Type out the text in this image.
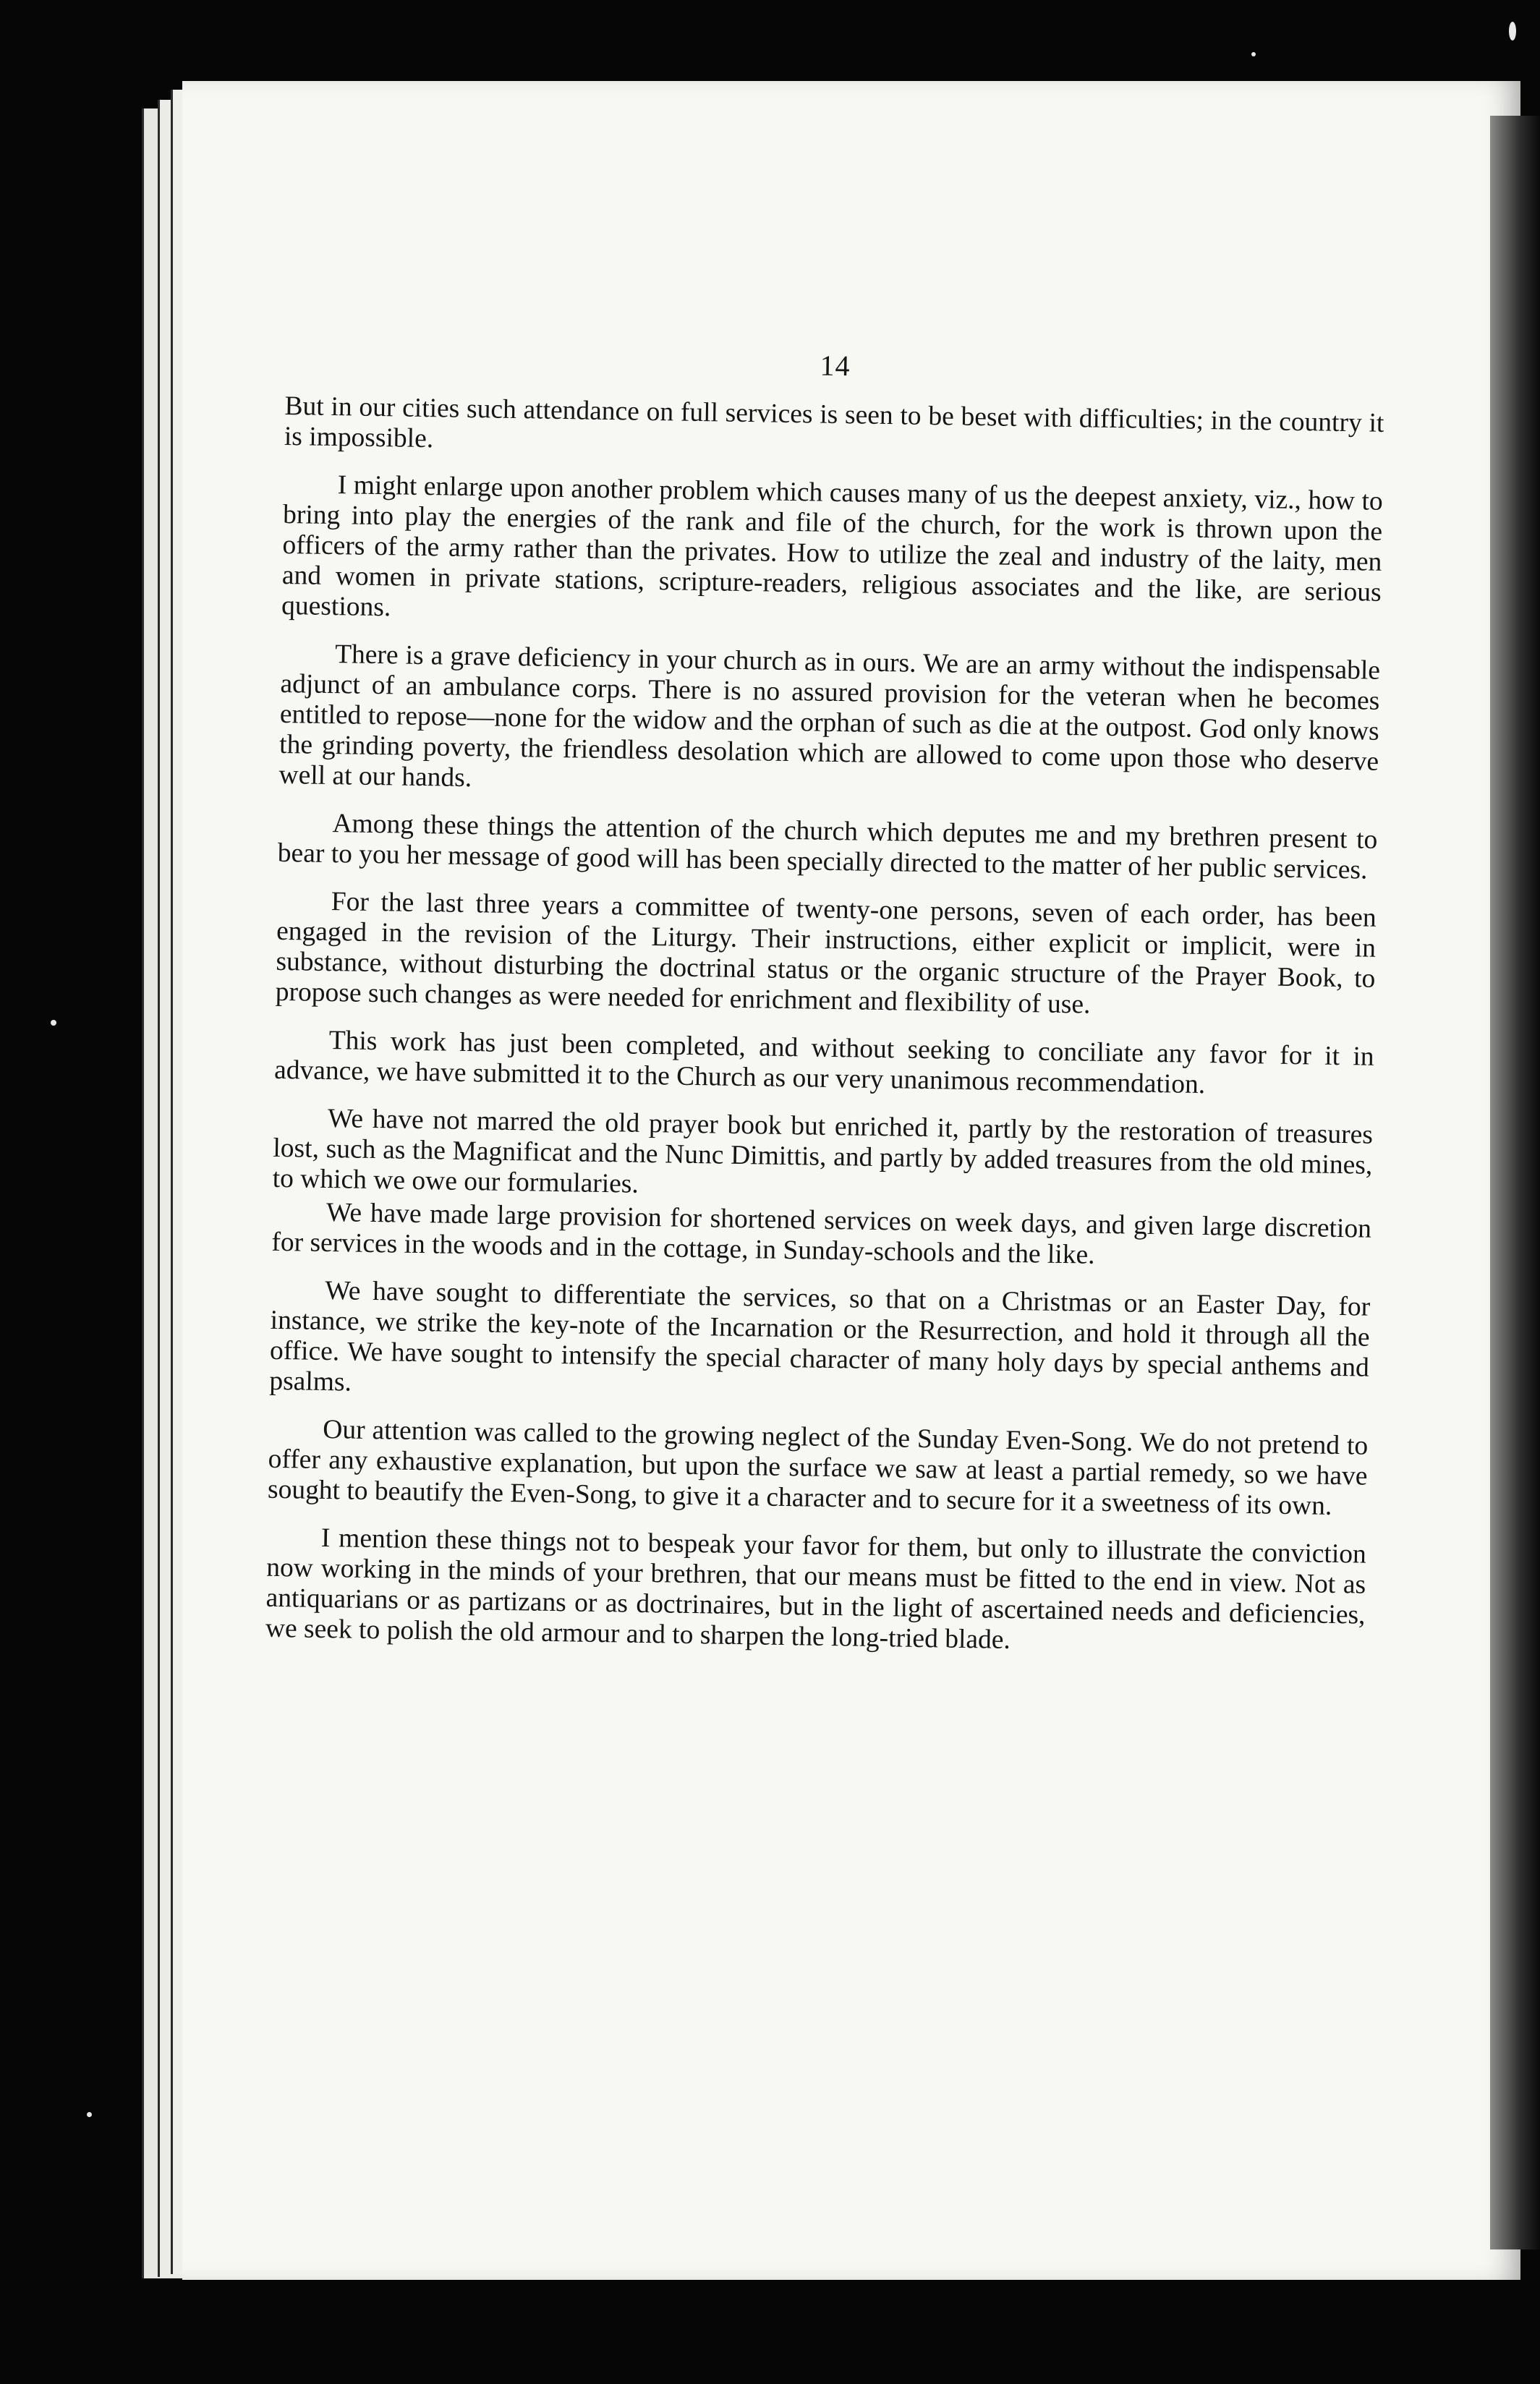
14

But in our cities such attendance on full services is seen to be beset with difficulties; in the country it is impossible.

I might enlarge upon another problem which causes many of us the deepest anxiety, viz., how to bring into play the energies of the rank and file of the church, for the work is thrown upon the officers of the army rather than the privates. How to utilize the zeal and industry of the laity, men and women in private stations, scripture-readers, religious associates and the like, are serious questions.

There is a grave deficiency in your church as in ours. We are an army without the indispensable adjunct of an ambulance corps. There is no assured provision for the veteran when he becomes entitled to repose—none for the widow and the orphan of such as die at the outpost. God only knows the grinding poverty, the friendless desolation which are allowed to come upon those who deserve well at our hands.

Among these things the attention of the church which deputes me and my brethren present to bear to you her message of good will has been specially directed to the matter of her public services.

For the last three years a committee of twenty-one persons, seven of each order, has been engaged in the revision of the Liturgy. Their instructions, either explicit or implicit, were in substance, without disturbing the doctrinal status or the organic structure of the Prayer Book, to propose such changes as were needed for enrichment and flexibility of use.

This work has just been completed, and without seeking to conciliate any favor for it in advance, we have submitted it to the Church as our very unanimous recommendation.

We have not marred the old prayer book but enriched it, partly by the restoration of treasures lost, such as the Magnificat and the Nunc Dimittis, and partly by added treasures from the old mines, to which we owe our formularies.

We have made large provision for shortened services on week days, and given large discretion for services in the woods and in the cottage, in Sunday-schools and the like.

We have sought to differentiate the services, so that on a Christmas or an Easter Day, for instance, we strike the key-note of the Incarnation or the Resurrection, and hold it through all the office. We have sought to intensify the special character of many holy days by special anthems and psalms.

Our attention was called to the growing neglect of the Sunday Even-Song. We do not pretend to offer any exhaustive explanation, but upon the surface we saw at least a partial remedy, so we have sought to beautify the Even-Song, to give it a character and to secure for it a sweetness of its own.

I mention these things not to bespeak your favor for them, but only to illustrate the conviction now working in the minds of your brethren, that our means must be fitted to the end in view. Not as antiquarians or as partizans or as doctrinaires, but in the light of ascertained needs and deficiencies, we seek to polish the old armour and to sharpen the long-tried blade.
